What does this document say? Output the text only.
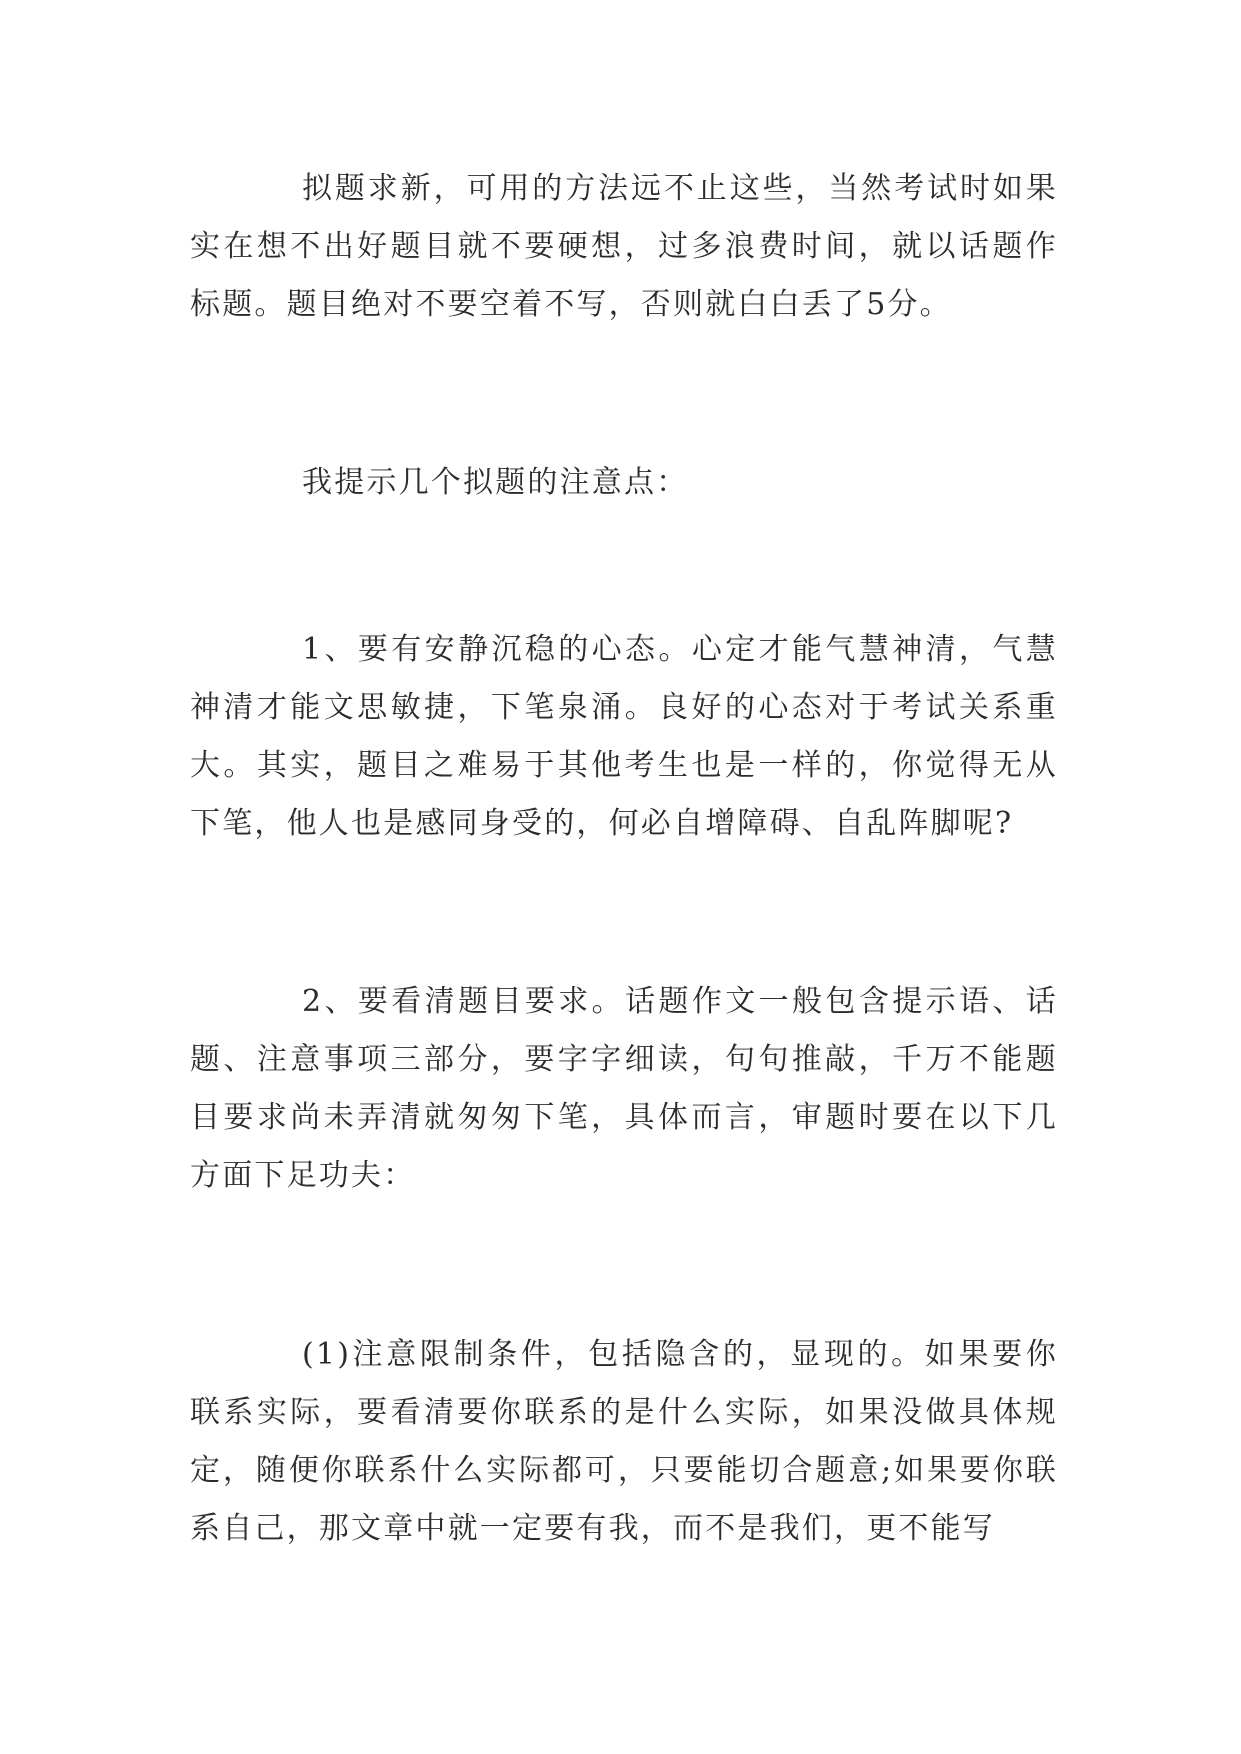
拟题求新，可用的方法远不止这些，当然考试时如果实在想不出好题目就不要硬想，过多浪费时间，就以话题作标题。题目绝对不要空着不写，否则就白白丢了5分。

我提示几个拟题的注意点：

1、要有安静沉稳的心态。心定才能气慧神清，气慧神清才能文思敏捷，下笔泉涌。良好的心态对于考试关系重大。其实，题目之难易于其他考生也是一样的，你觉得无从下笔，他人也是感同身受的，何必自增障碍、自乱阵脚呢?

2、要看清题目要求。话题作文一般包含提示语、话题、注意事项三部分，要字字细读，句句推敲，千万不能题目要求尚未弄清就匆匆下笔，具体而言，审题时要在以下几方面下足功夫：

(1)注意限制条件，包括隐含的，显现的。如果要你联系实际，要看清要你联系的是什么实际，如果没做具体规定，随便你联系什么实际都可，只要能切合题意;如果要你联系自己，那文章中就一定要有我，而不是我们，更不能写
